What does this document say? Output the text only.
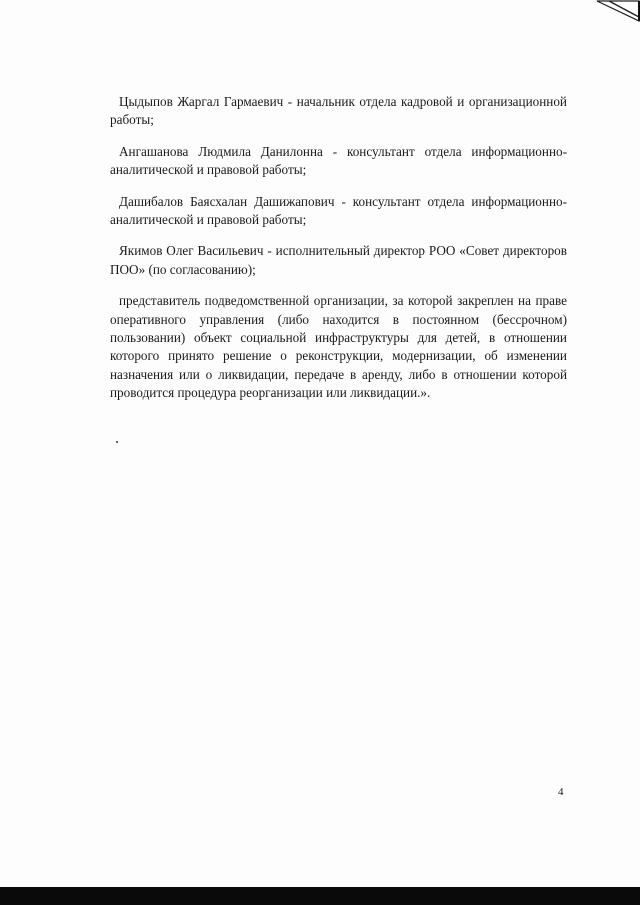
Цыдыпов Жаргал Гармаевич - начальник отдела кадровой и организационной работы;

Ангашанова Людмила Данилонна - консультант отдела информационно-аналитической и правовой работы;

Дашибалов Баясхалан Дашижапович - консультант отдела информационно-аналитической и правовой работы;

Якимов Олег Васильевич - исполнительный директор РОО «Совет директоров ПОО» (по согласованию);

представитель подведомственной организации, за которой закреплен на праве оперативного управления (либо находится в постоянном (бессрочном) пользовании) объект социальной инфраструктуры для детей, в отношении которого принято решение о реконструкции, модернизации, об изменении назначения или о ликвидации, передаче в аренду, либо в отношении которой проводится процедура реорганизации или ликвидации.».

4
